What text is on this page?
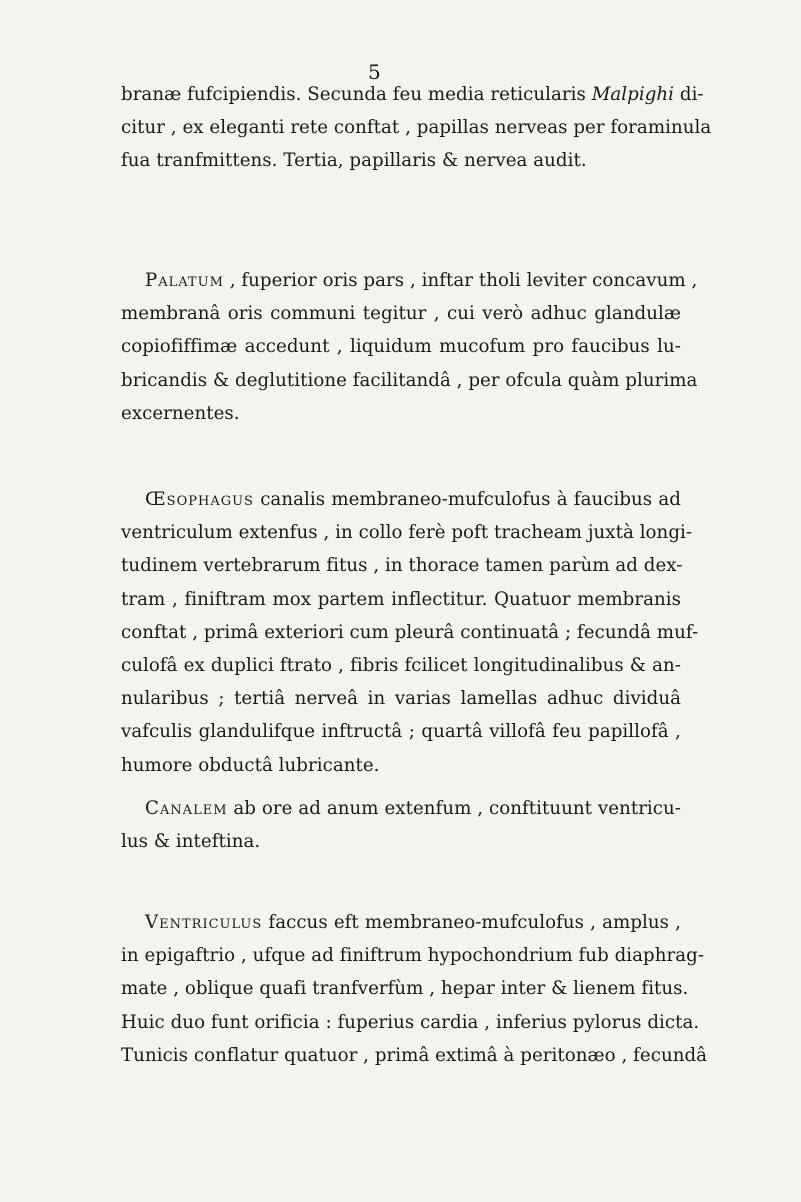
5
branæ fufcipiendis. Secunda feu media reticularis Malpighi di-
citur , ex eleganti rete conftat , papillas nerveas per foraminula
fua tranfmittens. Tertia, papillaris & nervea audit.
Palatum , fuperior oris pars , inftar tholi leviter concavum ,
membranâ oris communi tegitur , cui verò adhuc glandulæ
copiofiffimæ accedunt , liquidum mucofum pro faucibus lu-
bricandis & deglutitione facilitandâ , per ofcula quàm plurima
excernentes.
Œsophagus canalis membraneo-mufculofus à faucibus ad
ventriculum extenfus , in collo ferè poft tracheam juxtà longi-
tudinem vertebrarum fitus , in thorace tamen parùm ad dex-
tram , finiftram mox partem inflectitur. Quatuor membranis
conftat , primâ exteriori cum pleurâ continuatâ ; fecundâ muf-
culofâ ex duplici ftrato , fibris fcilicet longitudinalibus & an-
nularibus ; tertiâ nerveâ in varias lamellas adhuc dividuâ
vafculis glandulifque inftructâ ; quartâ villofâ feu papillofâ ,
humore obductâ lubricante.
Canalem ab ore ad anum extenfum , conftituunt ventricu-
lus & inteftina.
Ventriculus faccus eft membraneo-mufculofus , amplus ,
in epigaftrio , ufque ad finiftrum hypochondrium fub diaphrag-
mate , oblique quafi tranfverfùm , hepar inter & lienem fitus.
Huic duo funt orificia : fuperius cardia , inferius pylorus dicta.
Tunicis conflatur quatuor , primâ extimâ à peritonæo , fecundâ
